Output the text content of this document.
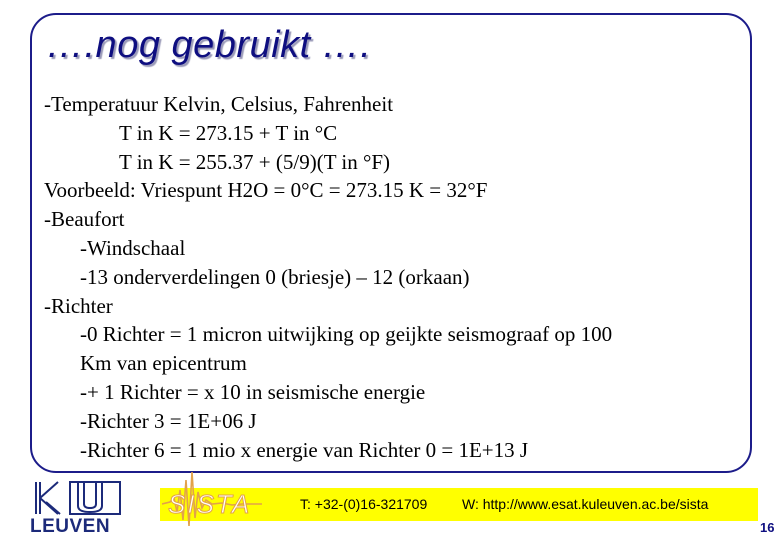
….nog gebruikt ….
-Temperatuur Kelvin, Celsius, Fahrenheit
T in K = 273.15 + T in °C
T in K = 255.37 + (5/9)(T in °F)
Voorbeeld: Vriespunt H2O = 0°C = 273.15 K = 32°F
-Beaufort
-Windschaal
-13 onderverdelingen 0 (briesje) – 12 (orkaan)
-Richter
-0 Richter = 1 micron uitwijking op geijkte seismograaf op 100
Km van epicentrum
-+ 1 Richter = x 10 in seismische energie
-Richter 3 = 1E+06 J
-Richter 6 = 1 mio x energie van Richter 0 = 1E+13 J
SISTA	T: +32-(0)16-321709 W: http://www.esat.kuleuven.ac.be/sista
LEUVEN	16
